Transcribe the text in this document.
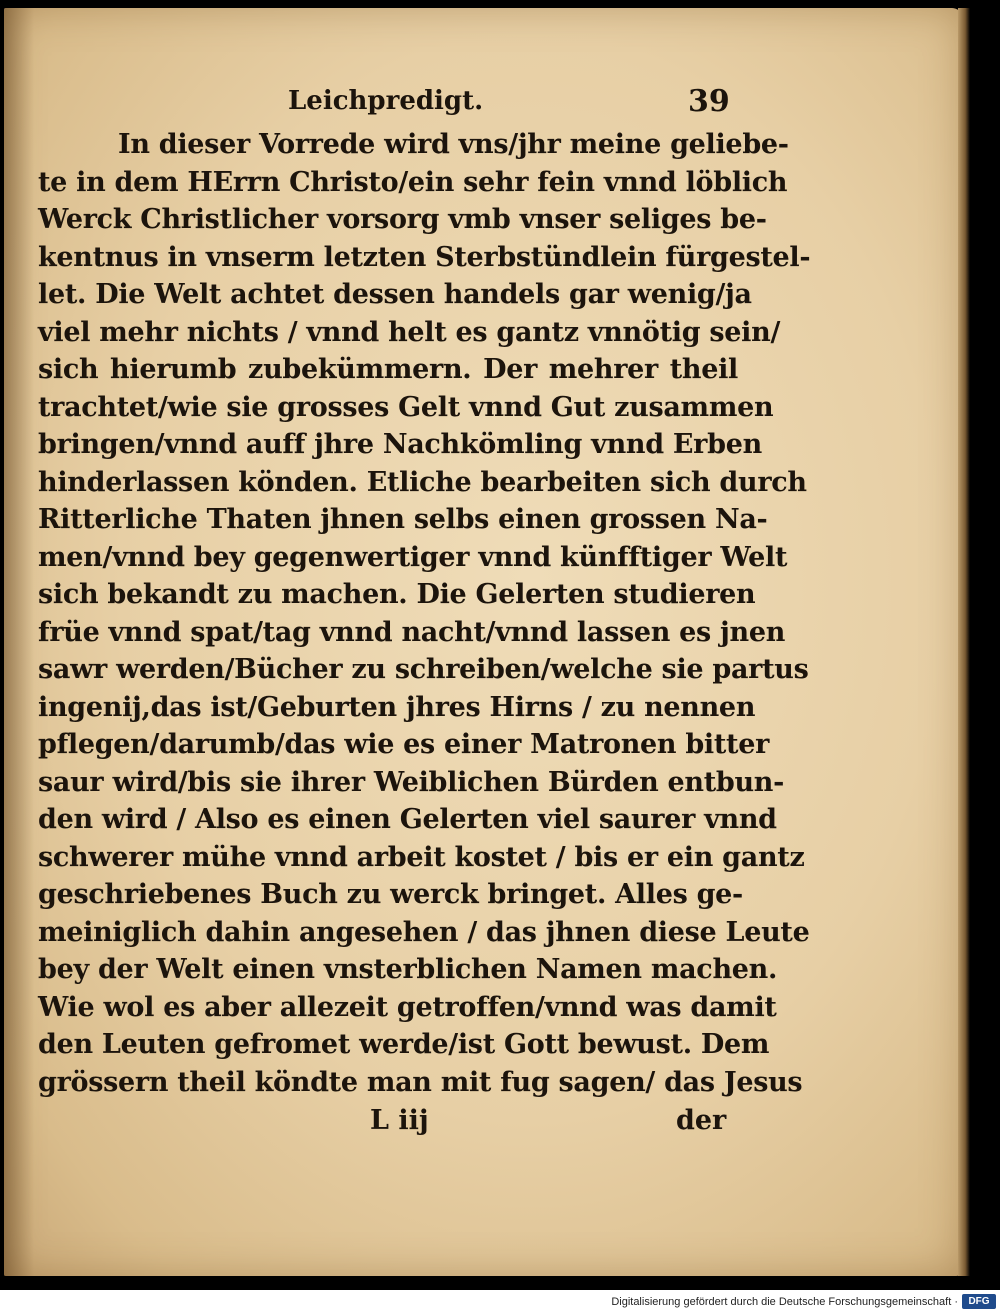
Leichpredigt.	39
In dieser Vorrede wird vns/jhr meine geliebe-
te in dem HErrn Christo/ein sehr fein vnnd löblich
Werck Christlicher vorsorg vmb vnser seliges be-
kentnus in vnserm letzten Sterbstündlein fürgestel-
let. Die Welt achtet dessen handels gar wenig/ja
viel mehr nichts / vnnd helt es gantz vnnötig sein/
sich hierumb zubekümmern. Der mehrer theil
trachtet/wie sie grosses Gelt vnnd Gut zusammen
bringen/vnnd auff jhre Nachkömling vnnd Erben
hinderlassen könden. Etliche bearbeiten sich durch
Ritterliche Thaten jhnen selbs einen grossen Na-
men/vnnd bey gegenwertiger vnnd künfftiger Welt
sich bekandt zu machen. Die Gelerten studieren
früe vnnd spat/tag vnnd nacht/vnnd lassen es jnen
sawr werden/Bücher zu schreiben/welche sie partus
ingenij,das ist/Geburten jhres Hirns / zu nennen
pflegen/darumb/das wie es einer Matronen bitter
saur wird/bis sie ihrer Weiblichen Bürden entbun-
den wird / Also es einen Gelerten viel saurer vnnd
schwerer mühe vnnd arbeit kostet / bis er ein gantz
geschriebenes Buch zu werck bringet. Alles ge-
meiniglich dahin angesehen / das jhnen diese Leute
bey der Welt einen vnsterblichen Namen machen.
Wie wol es aber allezeit getroffen/vnnd was damit
den Leuten gefromet werde/ist Gott bewust. Dem
grössern theil köndte man mit fug sagen/ das Jesus
L iij	der
Digitalisierung gefördert durch die Deutsche Forschungsgemeinschaft ·	DFG
